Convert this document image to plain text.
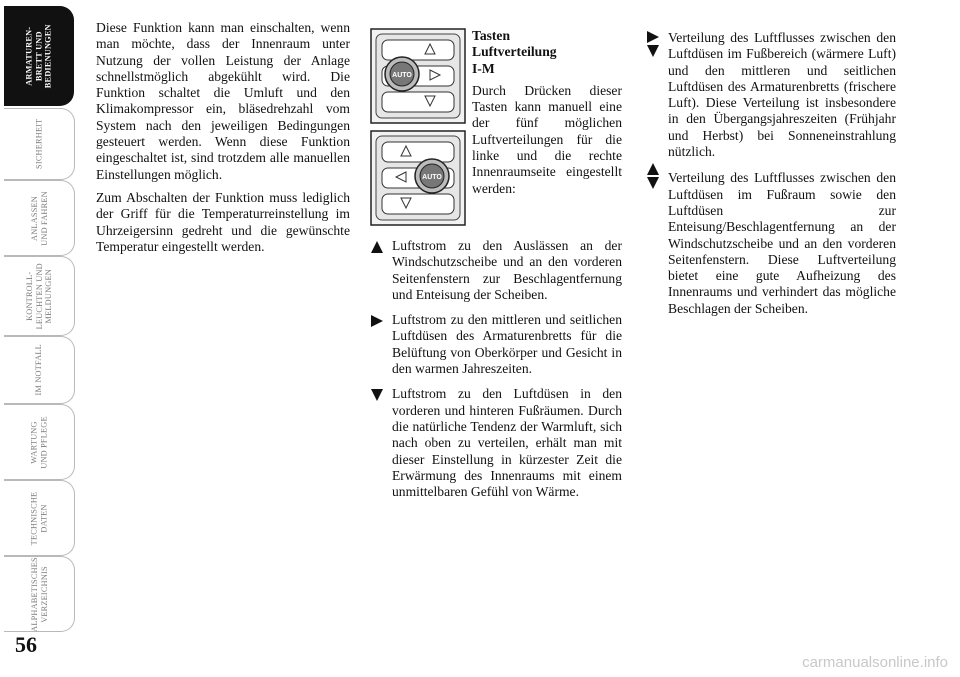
ARMATUREN-
BRETT UND
BEDIENUNGEN
SICHERHEIT
ANLASSEN
UND FAHREN
KONTROLL-
LEUCHTEN UND
MELDUNGEN
IM NOTFALL
WARTUNG
UND PFLEGE
TECHNISCHE
DATEN
ALPHABETISCHES
VERZEICHNIS
56

Diese Funktion kann man einschalten, wenn man möchte, dass der Innenraum unter Nutzung der vollen Leistung der Anlage schnellstmöglich abgekühlt wird. Die Funktion schaltet die Umluft und den Klimakompressor ein, bläsedrehzahl vom System nach den jeweiligen Bedingungen gesteuert werden. Wenn diese Funktion eingeschaltet ist, sind trotzdem alle manuellen Einstellungen möglich.

Zum Abschalten der Funktion muss lediglich der Griff für die Temperaturreinstellung im Uhrzeigersinn gedreht und die gewünschte Temperatur eingestellt werden.

AUTO
AUTO

Tasten

Luftverteilung

I-M

Durch Drücken dieser Tasten kann manuell eine der fünf möglichen Luftverteilungen für die linke und die rechte Innenraumseite eingestellt werden:

Luftstrom zu den Auslässen an der Windschutzscheibe und an den vorderen Seitenfenstern zur Beschlagentfernung und Enteisung der Scheiben.
Luftstrom zu den mittleren und seitlichen Luftdüsen des Armaturenbretts für die Belüftung von Oberkörper und Gesicht in den warmen Jahreszeiten.
Luftstrom zu den Luftdüsen in den vorderen und hinteren Fußräumen. Durch die natürliche Tendenz der Warmluft, sich nach oben zu verteilen, erhält man mit dieser Einstellung in kürzester Zeit die Erwärmung des Innenraums mit einem unmittelbaren Gefühl von Wärme.
Verteilung des Luftflusses zwischen den Luftdüsen im Fußbereich (wärmere Luft) und den mittleren und seitlichen Luftdüsen des Armaturenbretts (frischere Luft). Diese Verteilung ist insbesondere in den Übergangsjahreszeiten (Frühjahr und Herbst) bei Sonneneinstrahlung nützlich.
Verteilung des Luftflusses zwischen den Luftdüsen im Fußraum sowie den Luftdüsen zur Enteisung/Beschlagentfernung an der Windschutzscheibe und an den vorderen Seitenfenstern. Diese Luftverteilung bietet eine gute Aufheizung des Innenraums und verhindert das mögliche Beschlagen der Scheiben.
carmanualsonline.info
